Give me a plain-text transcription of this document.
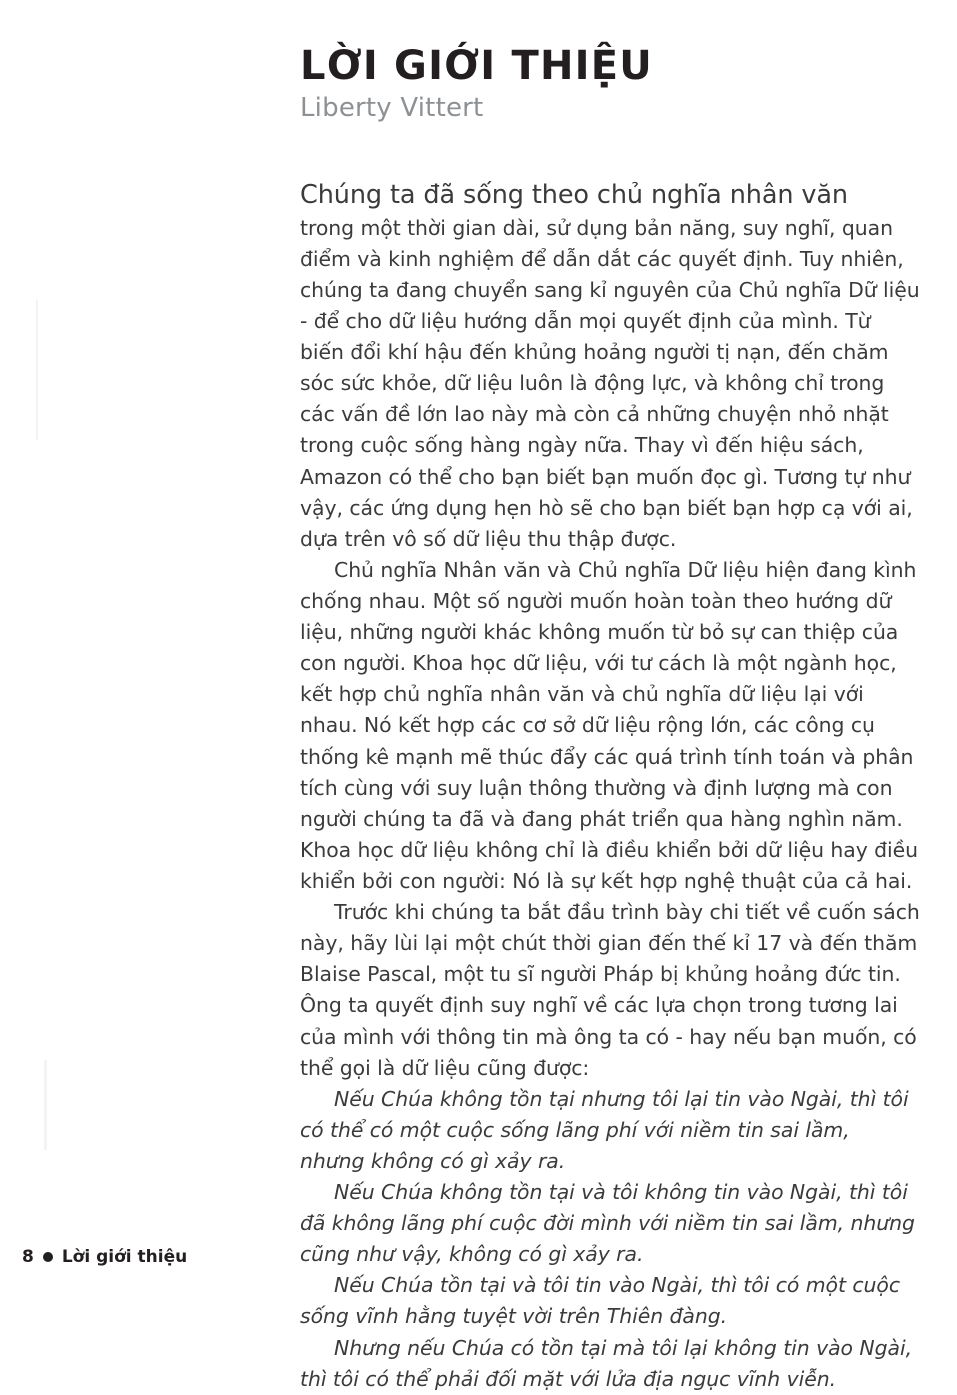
LỜI GIỚI THIỆU
Liberty Vittert
Chúng ta đã sống theo chủ nghĩa nhân văn

trong một thời gian dài, sử dụng bản năng, suy nghĩ, quan điểm và kinh nghiệm để dẫn dắt các quyết định. Tuy nhiên, chúng ta đang chuyển sang kỉ nguyên của Chủ nghĩa Dữ liệu - để cho dữ liệu hướng dẫn mọi quyết định của mình. Từ biến đổi khí hậu đến khủng hoảng người tị nạn, đến chăm sóc sức khỏe, dữ liệu luôn là động lực, và không chỉ trong các vấn đề lớn lao này mà còn cả những chuyện nhỏ nhặt trong cuộc sống hàng ngày nữa. Thay vì đến hiệu sách, Amazon có thể cho bạn biết bạn muốn đọc gì. Tương tự như vậy, các ứng dụng hẹn hò sẽ cho bạn biết bạn hợp cạ với ai, dựa trên vô số dữ liệu thu thập được.

Chủ nghĩa Nhân văn và Chủ nghĩa Dữ liệu hiện đang kình chống nhau. Một số người muốn hoàn toàn theo hướng dữ liệu, những người khác không muốn từ bỏ sự can thiệp của con người. Khoa học dữ liệu, với tư cách là một ngành học, kết hợp chủ nghĩa nhân văn và chủ nghĩa dữ liệu lại với nhau. Nó kết hợp các cơ sở dữ liệu rộng lớn, các công cụ thống kê mạnh mẽ thúc đẩy các quá trình tính toán và phân tích cùng với suy luận thông thường và định lượng mà con người chúng ta đã và đang phát triển qua hàng nghìn năm. Khoa học dữ liệu không chỉ là điều khiển bởi dữ liệu hay điều khiển bởi con người: Nó là sự kết hợp nghệ thuật của cả hai.

Trước khi chúng ta bắt đầu trình bày chi tiết về cuốn sách này, hãy lùi lại một chút thời gian đến thế kỉ 17 và đến thăm Blaise Pascal, một tu sĩ người Pháp bị khủng hoảng đức tin. Ông ta quyết định suy nghĩ về các lựa chọn trong tương lai của mình với thông tin mà ông ta có - hay nếu bạn muốn, có thể gọi là dữ liệu cũng được:

Nếu Chúa không tồn tại nhưng tôi lại tin vào Ngài, thì tôi có thể có một cuộc sống lãng phí với niềm tin sai lầm, nhưng không có gì xảy ra.

Nếu Chúa không tồn tại và tôi không tin vào Ngài, thì tôi đã không lãng phí cuộc đời mình với niềm tin sai lầm, nhưng cũng như vậy, không có gì xảy ra.

Nếu Chúa tồn tại và tôi tin vào Ngài, thì tôi có một cuộc sống vĩnh hằng tuyệt vời trên Thiên đàng.

Nhưng nếu Chúa có tồn tại mà tôi lại không tin vào Ngài, thì tôi có thể phải đối mặt với lửa địa ngục vĩnh viễn.

8 Lời giới thiệu
